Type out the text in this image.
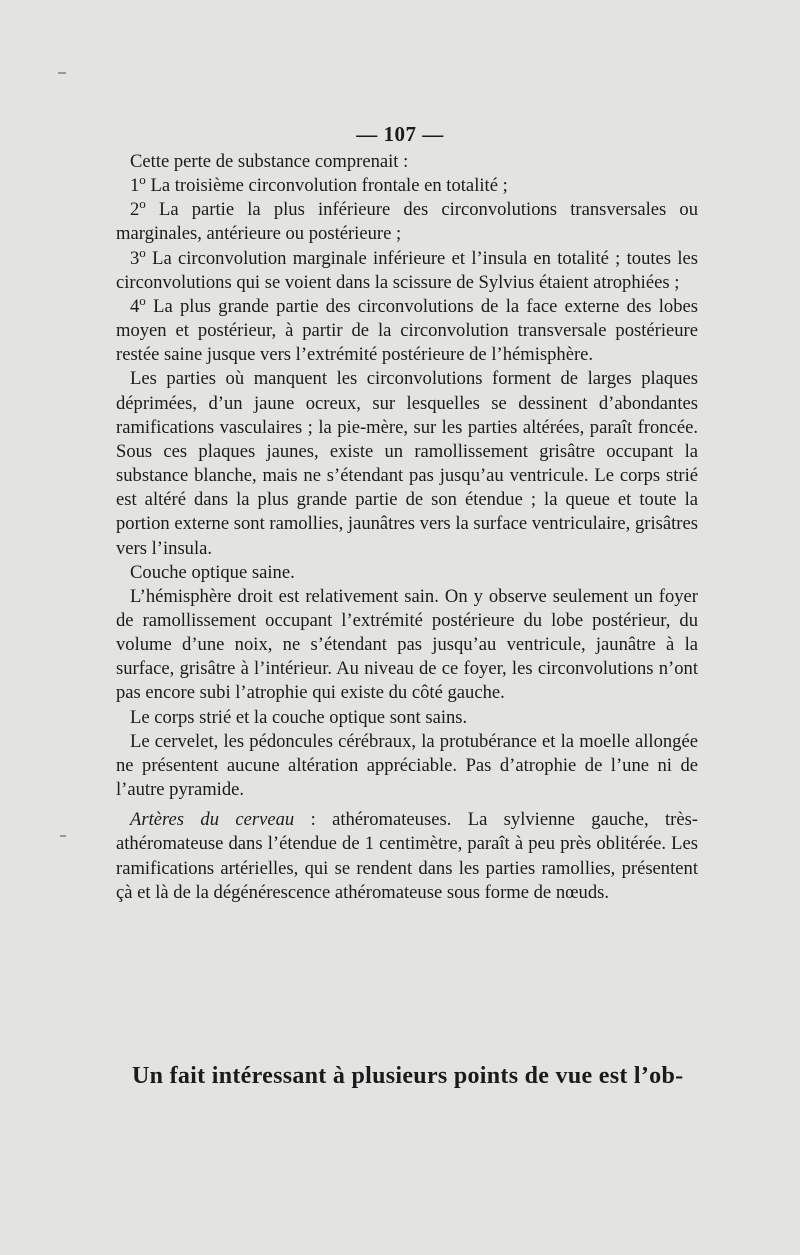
— 107 —

Cette perte de substance comprenait :

1$^o$ La troisième circonvolution frontale en totalité ;

2$^o$ La partie la plus inférieure des circonvolutions transversales ou marginales, antérieure ou postérieure ;

3$^o$ La circonvolution marginale inférieure et l’insula en totalité ; toutes les circonvolutions qui se voient dans la scissure de Sylvius étaient atrophiées ;

4$^o$ La plus grande partie des circonvolutions de la face externe des lobes moyen et postérieur, à partir de la circonvolution transversale postérieure restée saine jusque vers l’extrémité postérieure de l’hémisphère.

Les parties où manquent les circonvolutions forment de larges plaques déprimées, d’un jaune ocreux, sur lesquelles se dessinent d’abondantes ramifications vasculaires ; la pie-mère, sur les parties altérées, paraît froncée. Sous ces plaques jaunes, existe un ramollissement grisâtre occupant la substance blanche, mais ne s’étendant pas jusqu’au ventricule. Le corps strié est altéré dans la plus grande partie de son étendue ; la queue et toute la portion externe sont ramollies, jaunâtres vers la surface ventriculaire, grisâtres vers l’insula.

Couche optique saine.

L’hémisphère droit est relativement sain. On y observe seulement un foyer de ramollissement occupant l’extrémité postérieure du lobe postérieur, du volume d’une noix, ne s’étendant pas jusqu’au ventricule, jaunâtre à la surface, grisâtre à l’intérieur. Au niveau de ce foyer, les circonvolutions n’ont pas encore subi l’atrophie qui existe du côté gauche.

Le corps strié et la couche optique sont sains.

Le cervelet, les pédoncules cérébraux, la protubérance et la moelle allongée ne présentent aucune altération appréciable. Pas d’atrophie de l’une ni de l’autre pyramide.

Artères du cerveau : athéromateuses. La sylvienne gauche, très-athéromateuse dans l’étendue de 1 centimètre, paraît à peu près oblitérée. Les ramifications artérielles, qui se rendent dans les parties ramollies, présentent çà et là de la dégénérescence athéromateuse sous forme de nœuds.

Un fait intéressant à plusieurs points de vue est l’ob-
